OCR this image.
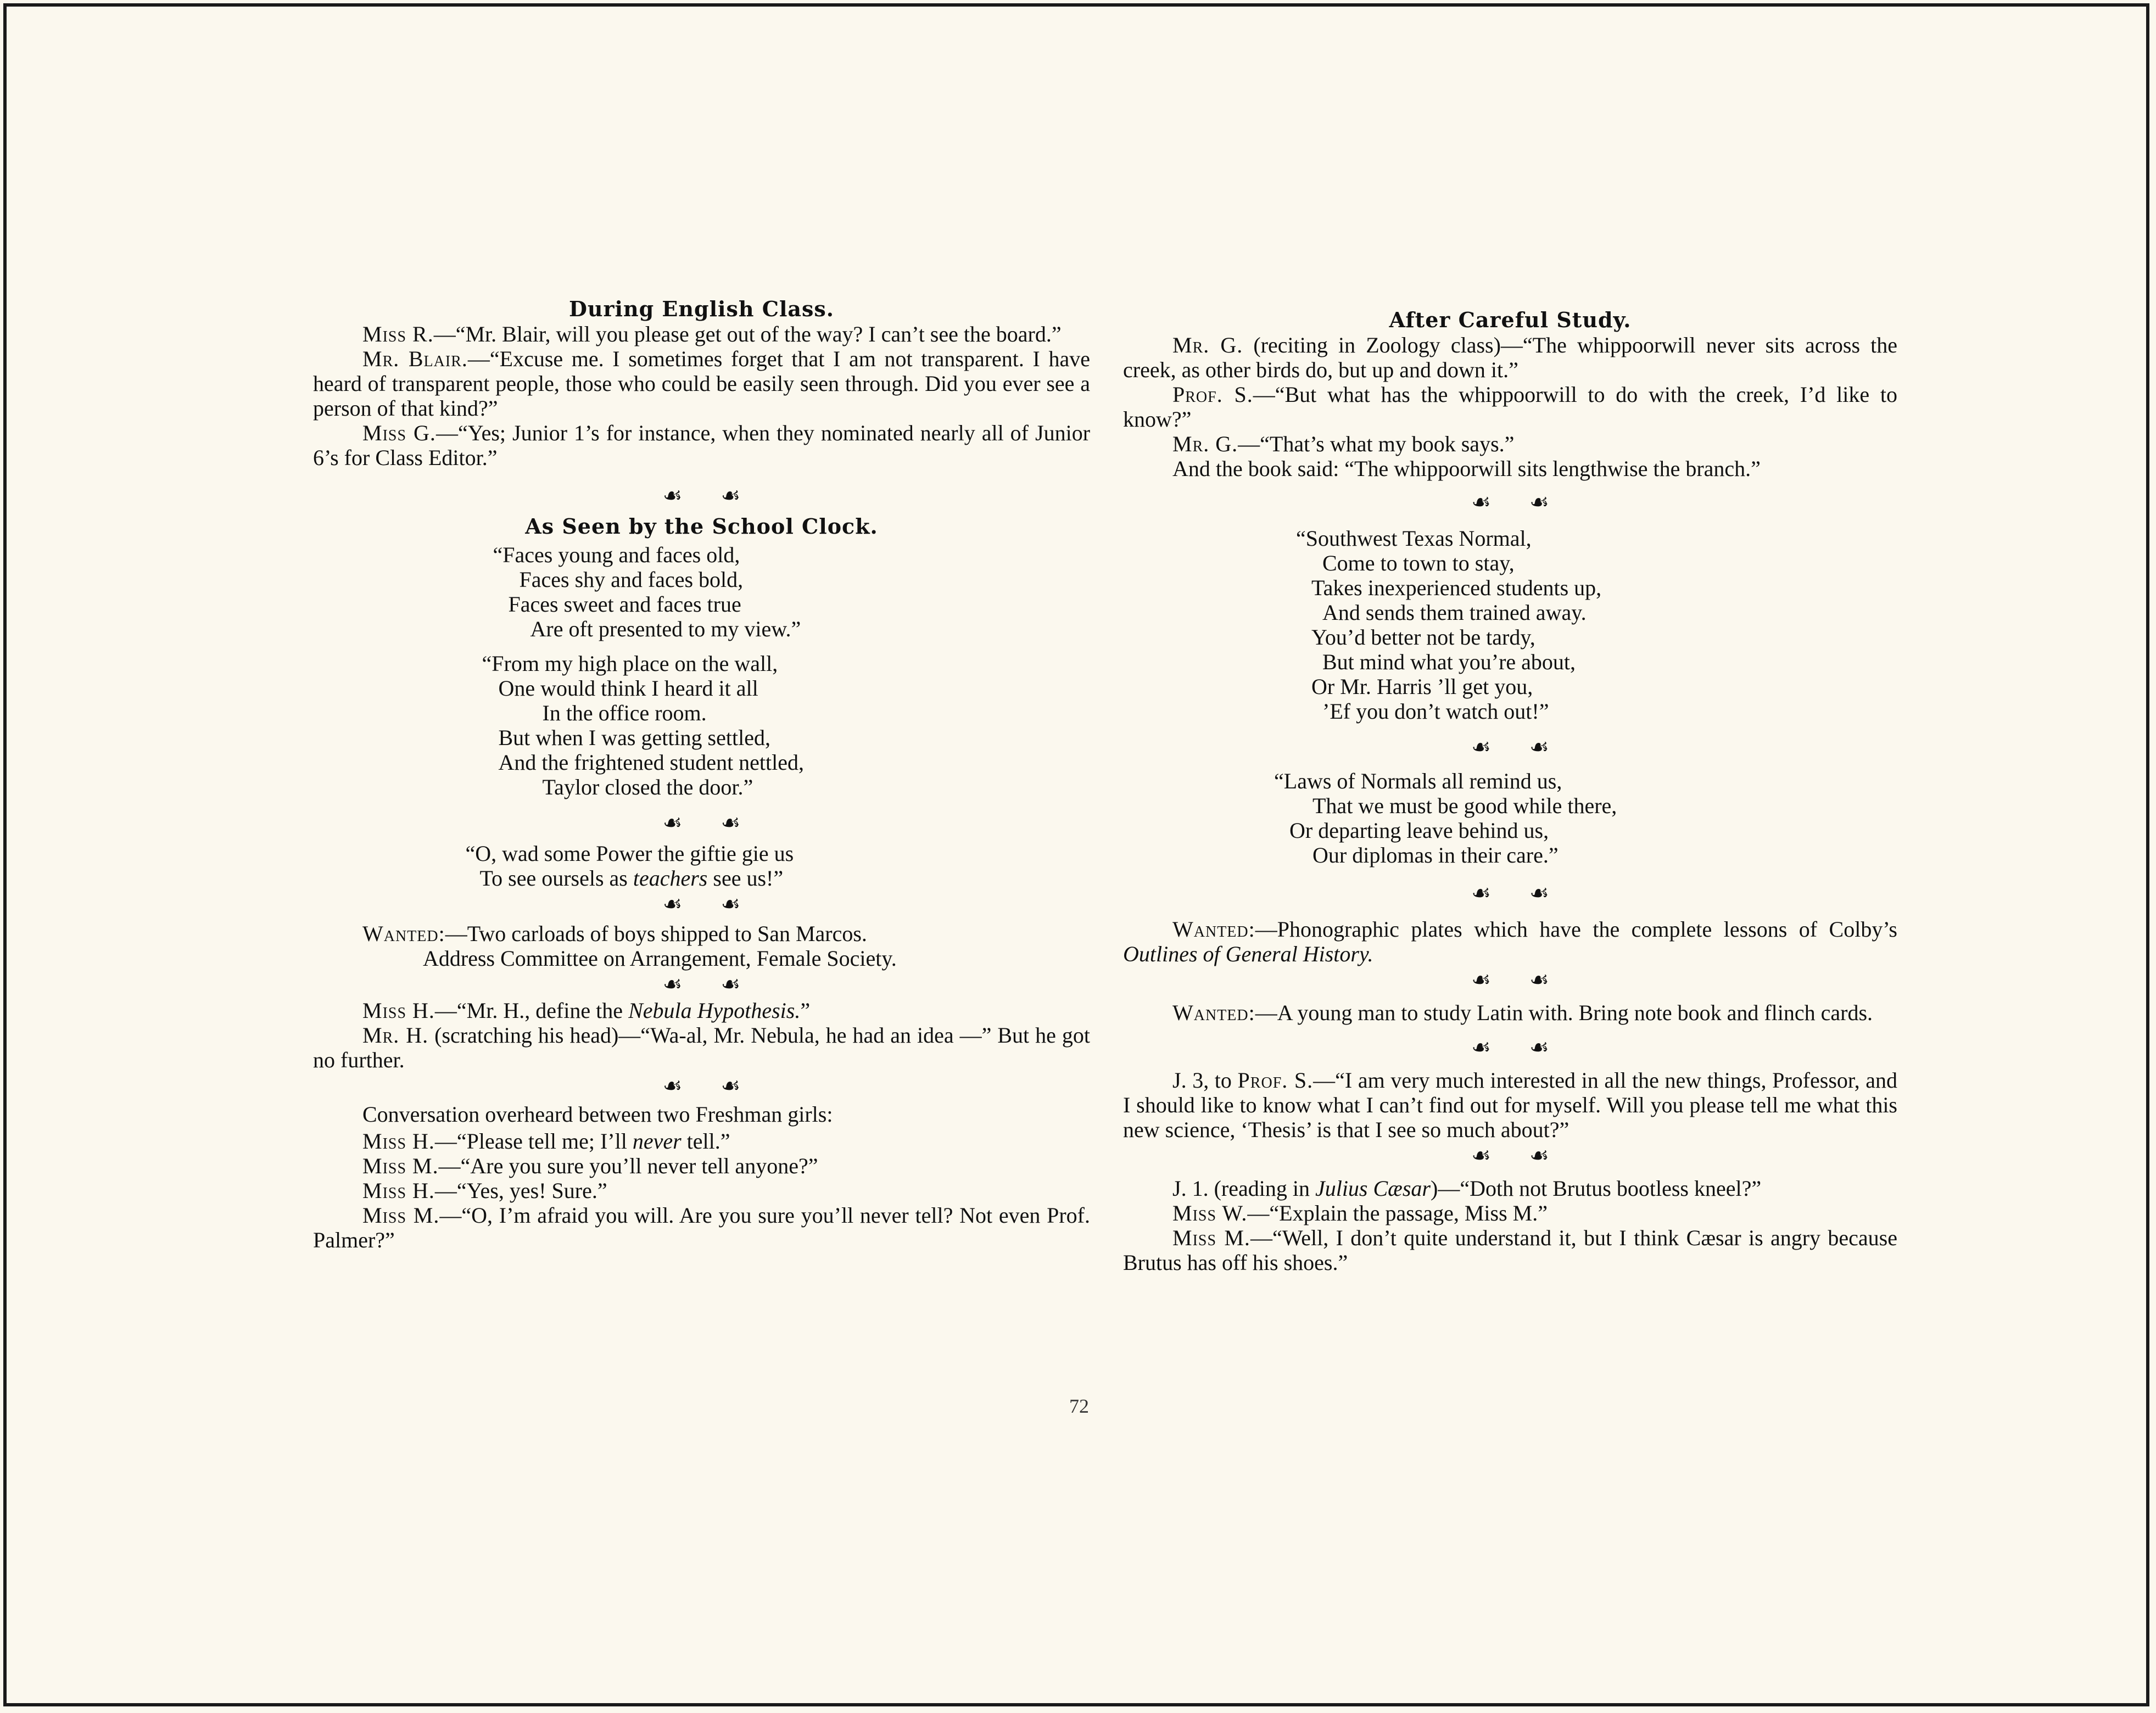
During English Class.

Miss R.—“Mr. Blair, will you please get out of the way? I can’t see the board.”

Mr. Blair.—“Excuse me. I sometimes forget that I am not transparent. I have heard of transparent people, those who could be easily seen through. Did you ever see a person of that kind?”

Miss G.—“Yes; Junior 1’s for instance, when they nominated nearly all of Junior 6’s for Class Editor.”

☙ ☙
As Seen by the School Clock.
“Faces young and faces old,
Faces shy and faces bold,
Faces sweet and faces true
Are oft presented to my view.”
“From my high place on the wall,
One would think I heard it all
In the office room.
But when I was getting settled,
And the frightened student nettled,
Taylor closed the door.”
☙ ☙
“O, wad some Power the giftie gie us
To see oursels as teachers see us!”
☙ ☙

Wanted:—Two carloads of boys shipped to San Marcos.

Address Committee on Arrangement, Female Society.

☙ ☙

Miss H.—“Mr. H., define the Nebula Hypothesis.”

Mr. H. (scratching his head)—“Wa-al, Mr. Nebula, he had an idea —” But he got no further.

☙ ☙

Conversation overheard between two Freshman girls:

Miss H.—“Please tell me; I’ll never tell.”

Miss M.—“Are you sure you’ll never tell anyone?”

Miss H.—“Yes, yes! Sure.”

Miss M.—“O, I’m afraid you will. Are you sure you’ll never tell? Not even Prof. Palmer?”

After Careful Study.

Mr. G. (reciting in Zoology class)—“The whippoorwill never sits across the creek, as other birds do, but up and down it.”

Prof. S.—“But what has the whippoorwill to do with the creek, I’d like to know?”

Mr. G.—“That’s what my book says.”

And the book said: “The whippoorwill sits lengthwise the branch.”

☙ ☙
“Southwest Texas Normal,
Come to town to stay,
Takes inexperienced students up,
And sends them trained away.
You’d better not be tardy,
But mind what you’re about,
Or Mr. Harris ’ll get you,
’Ef you don’t watch out!”
☙ ☙
“Laws of Normals all remind us,
That we must be good while there,
Or departing leave behind us,
Our diplomas in their care.”
☙ ☙

Wanted:—Phonographic plates which have the complete lessons of Colby’s Outlines of General History.

☙ ☙

Wanted:—A young man to study Latin with. Bring note book and flinch cards.

☙ ☙

J. 3, to Prof. S.—“I am very much interested in all the new things, Professor, and I should like to know what I can’t find out for myself. Will you please tell me what this new science, ‘Thesis’ is that I see so much about?”

☙ ☙

J. 1. (reading in Julius Cæsar)—“Doth not Brutus bootless kneel?”

Miss W.—“Explain the passage, Miss M.”

Miss M.—“Well, I don’t quite understand it, but I think Cæsar is angry because Brutus has off his shoes.”

72
